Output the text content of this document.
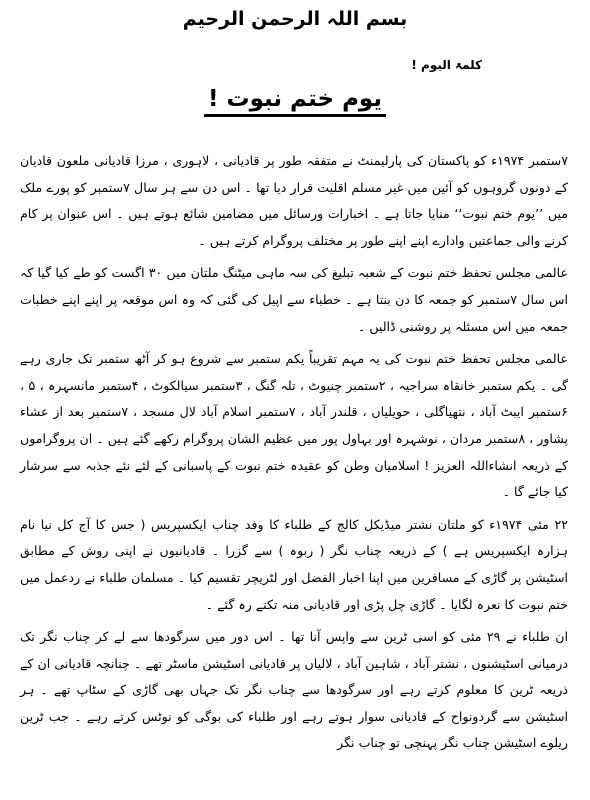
بسم اللہ الرحمن الرحیم
کلمۃ الیوم !
یوم ختم نبوت !

۷ستمبر ۱۹۷۴ء کو پاکستان کی پارلیمنٹ نے متفقہ طور پر قادیانی ، لاہوری ، مرزا قادیانی ملعون قادیان کے دونوں گروہوں کو آئین میں غیر مسلم اقلیت قرار دیا تھا ۔ اس دن سے ہر سال ۷ستمبر کو پورے ملک میں ’’یوم ختم نبوت‘‘ منایا جاتا ہے ۔ اخبارات ورسائل میں مضامین شائع ہوتے ہیں ۔ اس عنوان پر کام کرنے والی جماعتیں وادارے اپنے اپنے طور پر مختلف پروگرام کرتے ہیں ۔

عالمی مجلس تحفظ ختم نبوت کے شعبہ تبلیغ کی سہ ماہی میٹنگ ملتان میں ۳۰ اگست کو طے کیا گیا کہ اس سال ۷ستمبر کو جمعہ کا دن بنتا ہے ۔ خطباء سے اپیل کی گئی کہ وہ اس موقعہ پر اپنے اپنے خطبات جمعہ میں اس مسئلہ پر روشنی ڈالیں ۔

عالمی مجلس تحفظ ختم نبوت کی یہ مہم تقریباً یکم ستمبر سے شروع ہو کر آٹھ ستمبر تک جاری رہے گی ۔ یکم ستمبر خانقاہ سراجیہ ، ۲ستمبر چنیوٹ ، تلہ گنگ ، ۳ستمبر سیالکوٹ ، ۴ستمبر مانسہرہ ، ۵ ، ۶ستمبر ایبٹ آباد ، نتھیاگلی ، حویلیاں ، قلندر آباد ، ۷ستمبر اسلام آباد لال مسجد ، ۷ستمبر بعد از عشاء پشاور ، ۸ستمبر مردان ، نوشہرہ اور بہاول پور میں عظیم الشان پروگرام رکھے گئے ہیں ۔ ان پروگراموں کے ذریعہ انشاءاللہ العزیز ! اسلامیان وطن کو عقیدہ ختم نبوت کے پاسبانی کے لئے نئے جذبہ سے سرشار کیا جائے گا ۔

۲۲ مئی ۱۹۷۴ء کو ملتان نشتر میڈیکل کالج کے طلباء کا وفد چناب ایکسپریس ( جس کا آج کل نیا نام ہزارہ ایکسپریس ہے ) کے ذریعہ چناب نگر ( ربوہ ) سے گزرا ۔ قادیانیوں نے اپنی روش کے مطابق اسٹیشن پر گاڑی کے مسافرین میں اپنا اخبار الفضل اور لٹریچر تقسیم کیا ۔ مسلمان طلباء نے ردعمل میں ختم نبوت کا نعرہ لگایا ۔ گاڑی چل پڑی اور قادیانی منہ تکتے رہ گئے ۔

ان طلباء نے ۲۹ مئی کو اسی ٹرین سے واپس آنا تھا ۔ اس دور میں سرگودھا سے لے کر چناب نگر تک درمیانی اسٹیشنوں ، نشتر آباد ، شاہین آباد ، لالیاں پر قادیانی اسٹیشن ماسٹر تھے ۔ چنانچہ قادیانی ان کے ذریعہ ٹرین کا معلوم کرتے رہے اور سرگودھا سے چناب نگر تک جہاں بھی گاڑی کے سٹاپ تھے ۔ ہر اسٹیشن سے گردونواح کے قادیانی سوار ہوتے رہے اور طلباء کی بوگی کو نوٹس کرتے رہے ۔ جب ٹرین ریلوے اسٹیشن چناب نگر پہنچی تو چناب نگر
